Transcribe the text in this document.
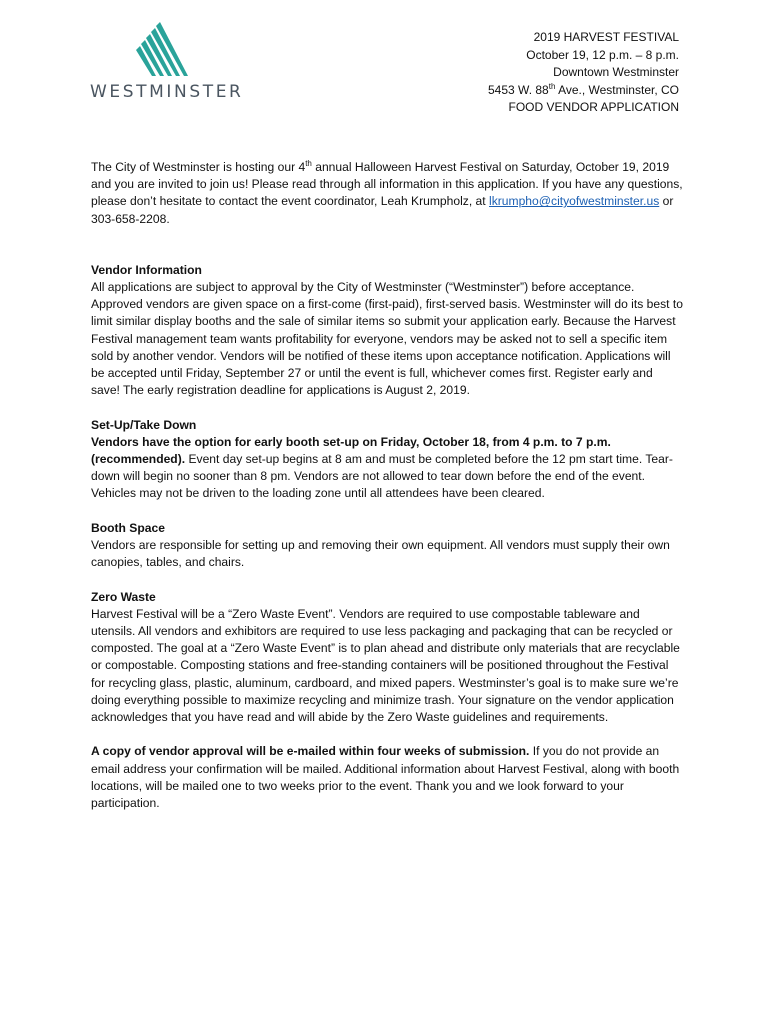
WESTMINSTER
2019 HARVEST FESTIVAL
October 19, 12 p.m. – 8 p.m.
Downtown Westminster
5453 W. 88th Ave., Westminster, CO
FOOD VENDOR APPLICATION

The City of Westminster is hosting our 4th annual Halloween Harvest Festival on Saturday, October 19, 2019 and you are invited to join us! Please read through all information in this application. If you have any questions, please don’t hesitate to contact the event coordinator, Leah Krumpholz, at lkrumpho@cityofwestminster.us or 303-658-2208.

Vendor Information
All applications are subject to approval by the City of Westminster (“Westminster”) before acceptance. Approved vendors are given space on a first-come (first-paid), first-served basis. Westminster will do its best to limit similar display booths and the sale of similar items so submit your application early. Because the Harvest Festival management team wants profitability for everyone, vendors may be asked not to sell a specific item sold by another vendor. Vendors will be notified of these items upon acceptance notification. Applications will be accepted until Friday, September 27 or until the event is full, whichever comes first. Register early and save! The early registration deadline for applications is August 2, 2019.

Set-Up/Take Down
Vendors have the option for early booth set-up on Friday, October 18, from 4 p.m. to 7 p.m. (recommended). Event day set-up begins at 8 am and must be completed before the 12 pm start time. Tear-down will begin no sooner than 8 pm. Vendors are not allowed to tear down before the end of the event. Vehicles may not be driven to the loading zone until all attendees have been cleared.

Booth Space
Vendors are responsible for setting up and removing their own equipment. All vendors must supply their own canopies, tables, and chairs.

Zero Waste
Harvest Festival will be a “Zero Waste Event”. Vendors are required to use compostable tableware and utensils. All vendors and exhibitors are required to use less packaging and packaging that can be recycled or composted. The goal at a “Zero Waste Event” is to plan ahead and distribute only materials that are recyclable or compostable. Composting stations and free-standing containers will be positioned throughout the Festival for recycling glass, plastic, aluminum, cardboard, and mixed papers. Westminster’s goal is to make sure we’re doing everything possible to maximize recycling and minimize trash. Your signature on the vendor application acknowledges that you have read and will abide by the Zero Waste guidelines and requirements.

A copy of vendor approval will be e-mailed within four weeks of submission. If you do not provide an email address your confirmation will be mailed. Additional information about Harvest Festival, along with booth locations, will be mailed one to two weeks prior to the event. Thank you and we look forward to your participation.
